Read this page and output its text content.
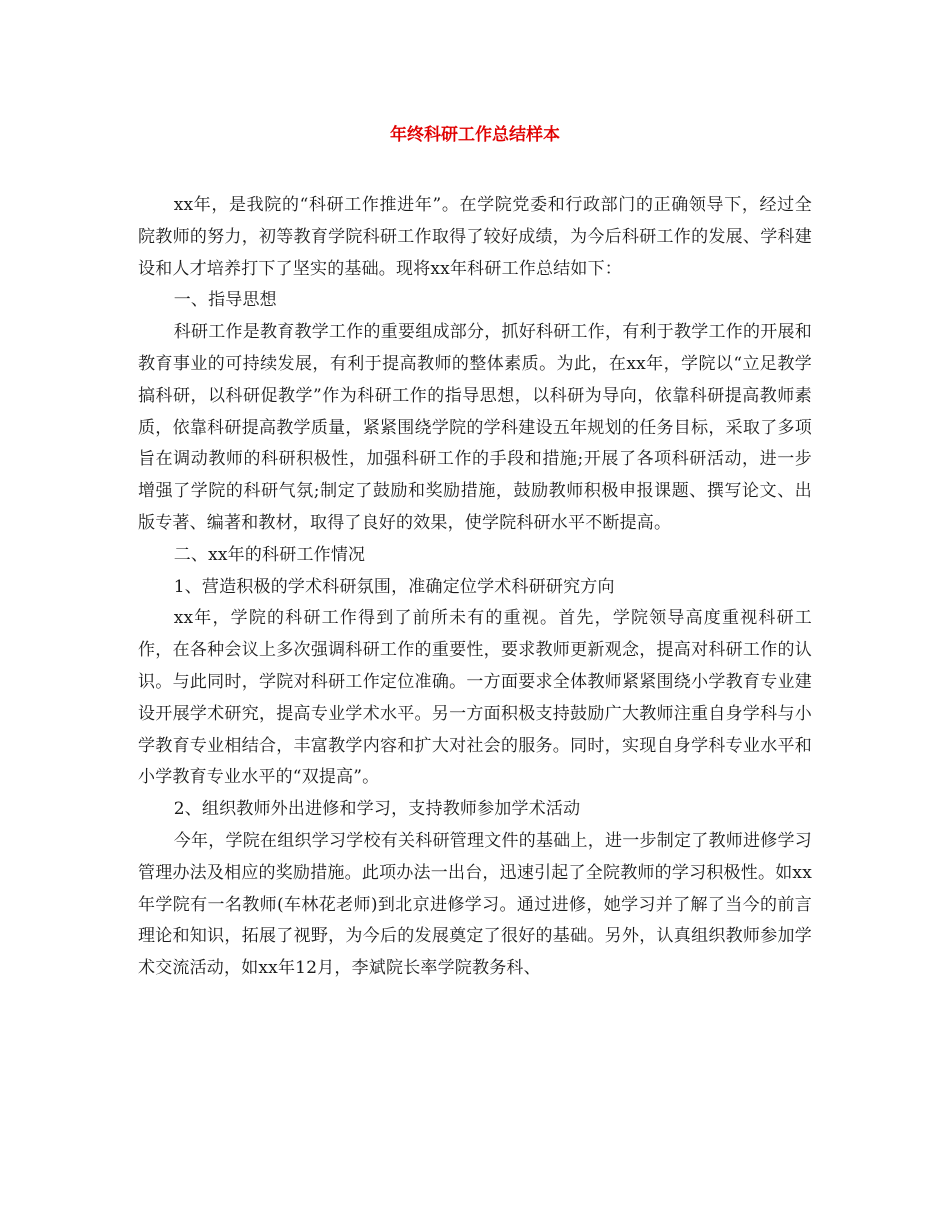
年终科研工作总结样本

xx年，是我院的“科研工作推进年”。在学院党委和行政部门的正确领导下，经过全院教师的努力，初等教育学院科研工作取得了较好成绩，为今后科研工作的发展、学科建设和人才培养打下了坚实的基础。现将xx年科研工作总结如下：

一、指导思想

科研工作是教育教学工作的重要组成部分，抓好科研工作，有利于教学工作的开展和教育事业的可持续发展，有利于提高教师的整体素质。为此，在xx年，学院以“立足教学搞科研，以科研促教学”作为科研工作的指导思想，以科研为导向，依靠科研提高教师素质，依靠科研提高教学质量，紧紧围绕学院的学科建设五年规划的任务目标，采取了多项旨在调动教师的科研积极性，加强科研工作的手段和措施;开展了各项科研活动，进一步增强了学院的科研气氛;制定了鼓励和奖励措施，鼓励教师积极申报课题、撰写论文、出版专著、编著和教材，取得了良好的效果，使学院科研水平不断提高。

二、xx年的科研工作情况

1、营造积极的学术科研氛围，准确定位学术科研研究方向

xx年，学院的科研工作得到了前所未有的重视。首先，学院领导高度重视科研工作，在各种会议上多次强调科研工作的重要性，要求教师更新观念，提高对科研工作的认识。与此同时，学院对科研工作定位准确。一方面要求全体教师紧紧围绕小学教育专业建设开展学术研究，提高专业学术水平。另一方面积极支持鼓励广大教师注重自身学科与小学教育专业相结合，丰富教学内容和扩大对社会的服务。同时，实现自身学科专业水平和小学教育专业水平的“双提高”。

2、组织教师外出进修和学习，支持教师参加学术活动

今年，学院在组织学习学校有关科研管理文件的基础上，进一步制定了教师进修学习管理办法及相应的奖励措施。此项办法一出台，迅速引起了全院教师的学习积极性。如xx年学院有一名教师(车林花老师)到北京进修学习。通过进修，她学习并了解了当今的前言理论和知识，拓展了视野，为今后的发展奠定了很好的基础。另外，认真组织教师参加学术交流活动，如xx年12月，李斌院长率学院教务科、
